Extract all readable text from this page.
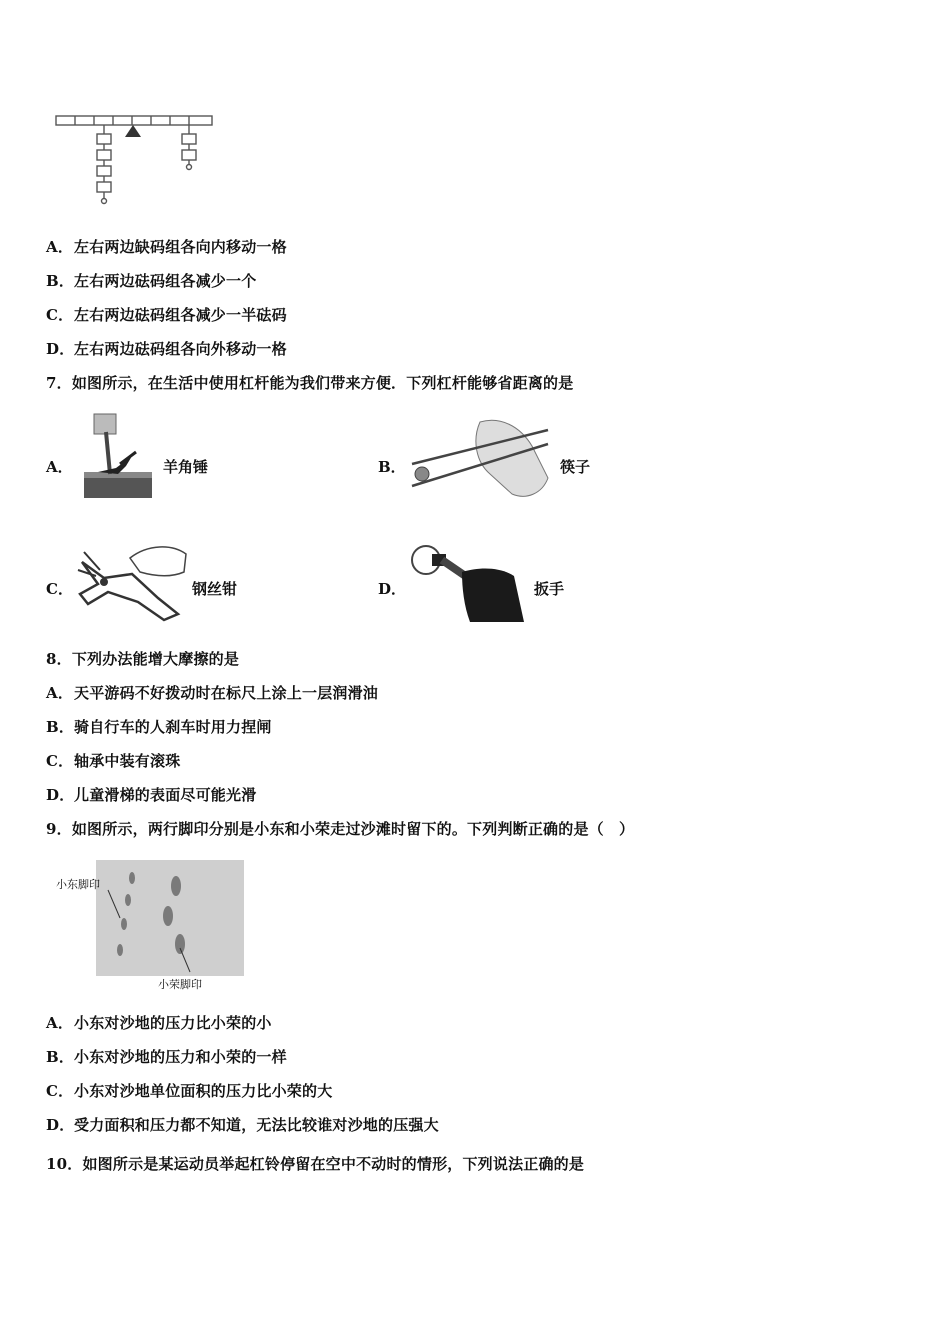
A．左右两边缺码组各向内移动一格
B．左右两边砝码组各减少一个
C．左右两边砝码组各减少一半砝码
D．左右两边砝码组各向外移动一格
7．如图所示，在生活中使用杠杆能为我们带来方便．下列杠杆能够省距离的是
A．	羊角锤	B．	筷子
C．	钢丝钳	D．	扳手
8．下列办法能增大摩擦的是
A．天平游码不好拨动时在标尺上涂上一层润滑油
B．骑自行车的人刹车时用力捏闸
C．轴承中装有滚珠
D．儿童滑梯的表面尽可能光滑
9．如图所示，两行脚印分别是小东和小荣走过沙滩时留下的。下列判断正确的是（　）
小东脚印
小荣脚印
A．小东对沙地的压力比小荣的小
B．小东对沙地的压力和小荣的一样
C．小东对沙地单位面积的压力比小荣的大
D．受力面积和压力都不知道，无法比较谁对沙地的压强大
10．如图所示是某运动员举起杠铃停留在空中不动时的情形，下列说法正确的是
